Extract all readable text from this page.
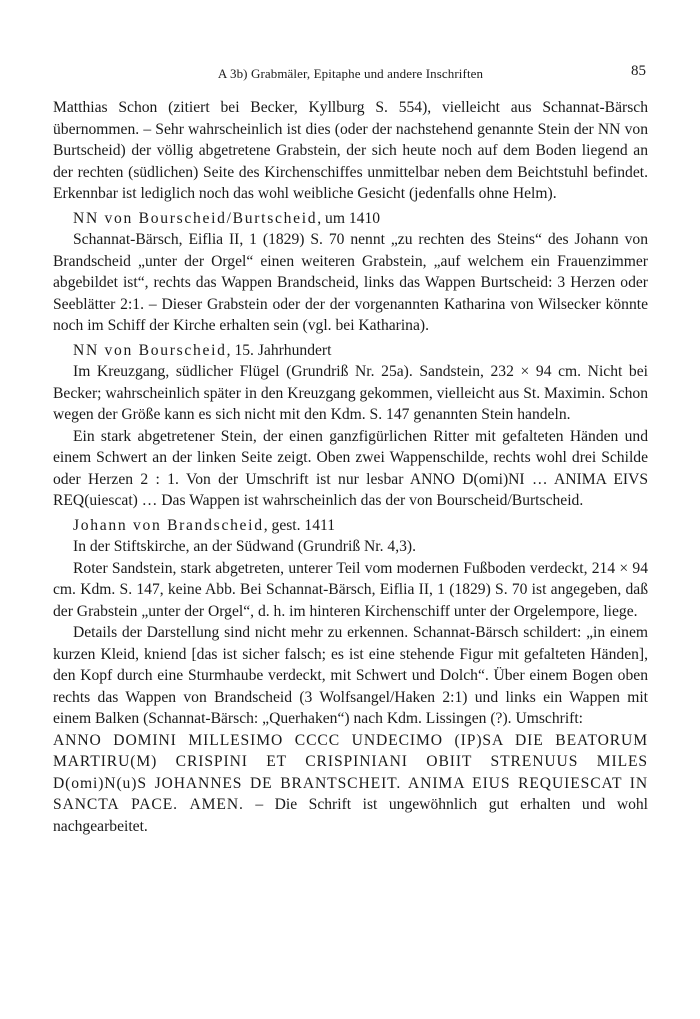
A 3b) Grabmäler, Epitaphe und andere Inschriften	85

Matthias Schon (zitiert bei Becker, Kyllburg S. 554), vielleicht aus Schannat-Bärsch übernommen. – Sehr wahrscheinlich ist dies (oder der nachstehend genannte Stein der NN von Burtscheid) der völlig abgetretene Grabstein, der sich heute noch auf dem Boden liegend an der rechten (südlichen) Seite des Kirchenschiffes unmittelbar neben dem Beichtstuhl befindet. Erkennbar ist lediglich noch das wohl weibliche Gesicht (jedenfalls ohne Helm).

NN von Bourscheid/Burtscheid, um 1410

Schannat-Bärsch, Eiflia II, 1 (1829) S. 70 nennt „zu rechten des Steins“ des Johann von Brandscheid „unter der Orgel“ einen weiteren Grabstein, „auf welchem ein Frauenzimmer abgebildet ist“, rechts das Wappen Brandscheid, links das Wappen Burtscheid: 3 Herzen oder Seeblätter 2:1. – Dieser Grabstein oder der der vorgenannten Katharina von Wilsecker könnte noch im Schiff der Kirche erhalten sein (vgl. bei Katharina).

NN von Bourscheid, 15. Jahrhundert

Im Kreuzgang, südlicher Flügel (Grundriß Nr. 25a). Sandstein, 232 × 94 cm. Nicht bei Becker; wahrscheinlich später in den Kreuzgang gekommen, vielleicht aus St. Maximin. Schon wegen der Größe kann es sich nicht mit den Kdm. S. 147 genannten Stein handeln.

Ein stark abgetretener Stein, der einen ganzfigürlichen Ritter mit gefalteten Händen und einem Schwert an der linken Seite zeigt. Oben zwei Wappenschilde, rechts wohl drei Schilde oder Herzen 2 : 1. Von der Umschrift ist nur lesbar ANNO D(omi)NI … ANIMA EIVS REQ(uiescat) … Das Wappen ist wahrscheinlich das der von Bourscheid/Burtscheid.

Johann von Brandscheid, gest. 1411

In der Stiftskirche, an der Südwand (Grundriß Nr. 4,3).

Roter Sandstein, stark abgetreten, unterer Teil vom modernen Fußboden verdeckt, 214 × 94 cm. Kdm. S. 147, keine Abb. Bei Schannat-Bärsch, Eiflia II, 1 (1829) S. 70 ist angegeben, daß der Grabstein „unter der Orgel“, d. h. im hinteren Kirchenschiff unter der Orgelempore, liege.

Details der Darstellung sind nicht mehr zu erkennen. Schannat-Bärsch schildert: „in einem kurzen Kleid, kniend [das ist sicher falsch; es ist eine stehende Figur mit gefalteten Händen], den Kopf durch eine Sturmhaube verdeckt, mit Schwert und Dolch“. Über einem Bogen oben rechts das Wappen von Brandscheid (3 Wolfsangel/Haken 2:1) und links ein Wappen mit einem Balken (Schannat-Bärsch: „Querhaken“) nach Kdm. Lissingen (?). Umschrift:
ANNO DOMINI MILLESIMO CCCC UNDECIMO (IP)SA DIE BEATORUM MARTIRU(M) CRISPINI ET CRISPINIANI OBIIT STRENUUS MILES D(omi)N(u)S JOHANNES DE BRANTSCHEIT. ANIMA EIUS REQUIESCAT IN SANCTA PACE. AMEN. – Die Schrift ist ungewöhnlich gut erhalten und wohl nachgearbeitet.
